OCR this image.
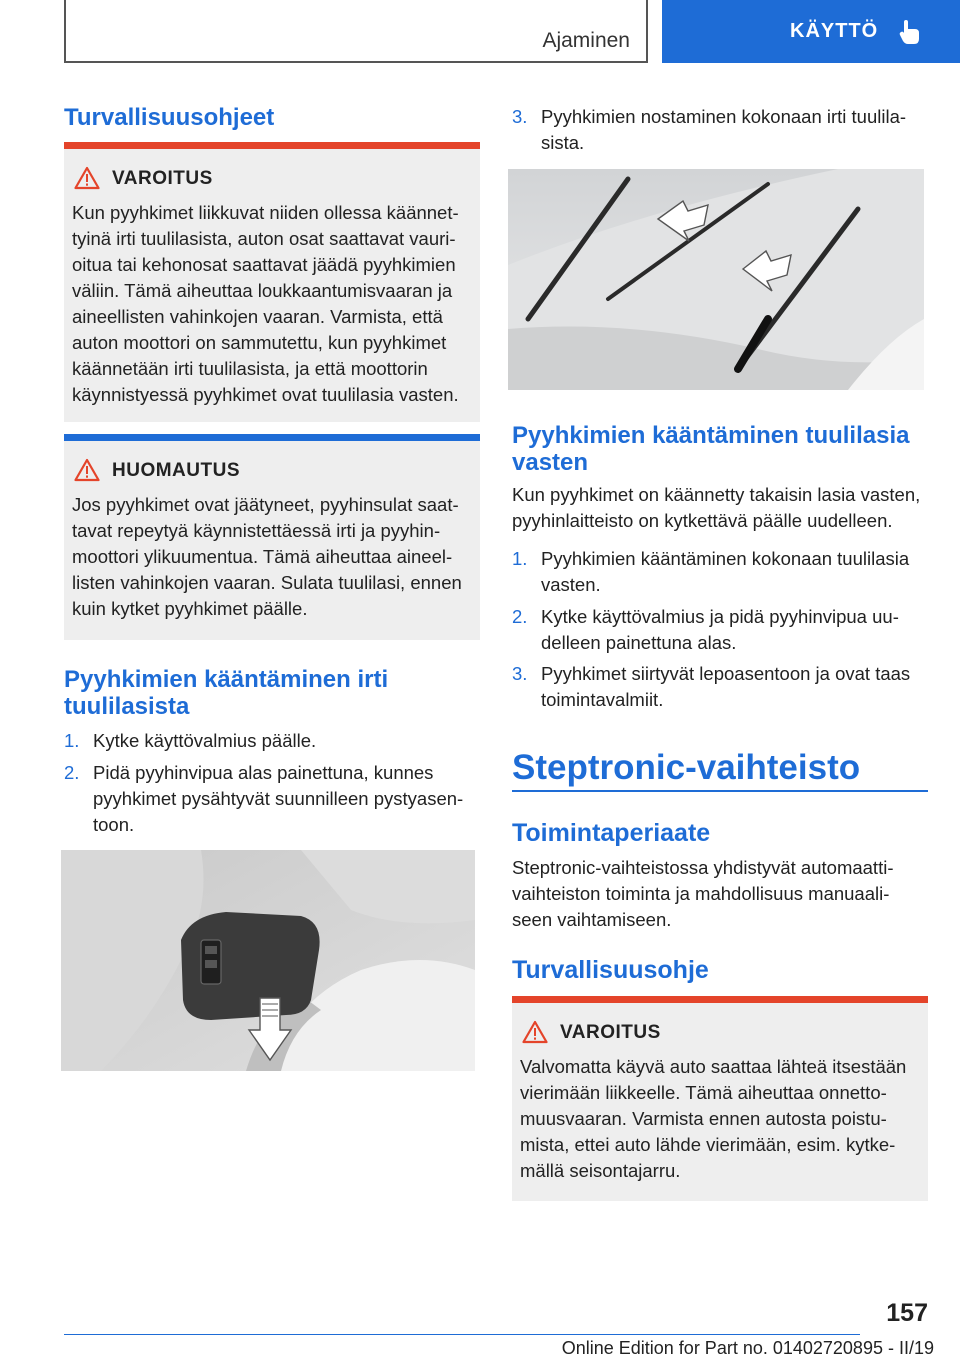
Ajaminen	KÄYTTÖ
Turvallisuusohjeet
VAROITUS
Kun pyyhkimet liikkuvat niiden ollessa käännet‐
tyinä irti tuulilasista, auton osat saattavat vauri‐
oitua tai kehonosat saattavat jäädä pyyhkimien
väliin. Tämä aiheuttaa loukkaantumisvaaran ja
aineellisten vahinkojen vaaran. Varmista, että
auton moottori on sammutettu, kun pyyhkimet
käännetään irti tuulilasista, ja että moottorin
käynnistyessä pyyhkimet ovat tuulilasia vasten.
HUOMAUTUS
Jos pyyhkimet ovat jäätyneet, pyyhinsulat saat‐
tavat repeytyä käynnistettäessä irti ja pyyhin‐
moottori ylikuumentua. Tämä aiheuttaa aineel‐
listen vahinkojen vaaran. Sulata tuulilasi, ennen
kuin kytket pyyhkimet päälle.
Pyyhkimien kääntäminen irti
tuulilasista
1. Kytke käyttövalmius päälle.
2. Pidä pyyhinvipua alas painettuna, kunnes
pyyhkimet pysähtyvät suunnilleen pystyasen‐
toon.
3. Pyyhkimien nostaminen kokonaan irti tuulila‐
sista.
Pyyhkimien kääntäminen tuulilasia
vasten
Kun pyyhkimet on käännetty takaisin lasia vasten,
pyyhinlaitteisto on kytkettävä päälle uudelleen.
1. Pyyhkimien kääntäminen kokonaan tuulilasia
vasten.
2. Kytke käyttövalmius ja pidä pyyhinvipua uu‐
delleen painettuna alas.
3. Pyyhkimet siirtyvät lepoasentoon ja ovat taas
toimintavalmiit.
Steptronic-vaihteisto
Toimintaperiaate
Steptronic-vaihteistossa yhdistyvät automaatti-
vaihteiston toiminta ja mahdollisuus manuaali-
seen vaihtamiseen.
Turvallisuusohje
VAROITUS
Valvomatta käyvä auto saattaa lähteä itsestään
vierimään liikkeelle. Tämä aiheuttaa onnetto‐
muusvaaran. Varmista ennen autosta poistu‐
mista, ettei auto lähde vierimään, esim. kytke‐
mällä seisontajarru.
157
Online Edition for Part no. 01402720895 - II/19
